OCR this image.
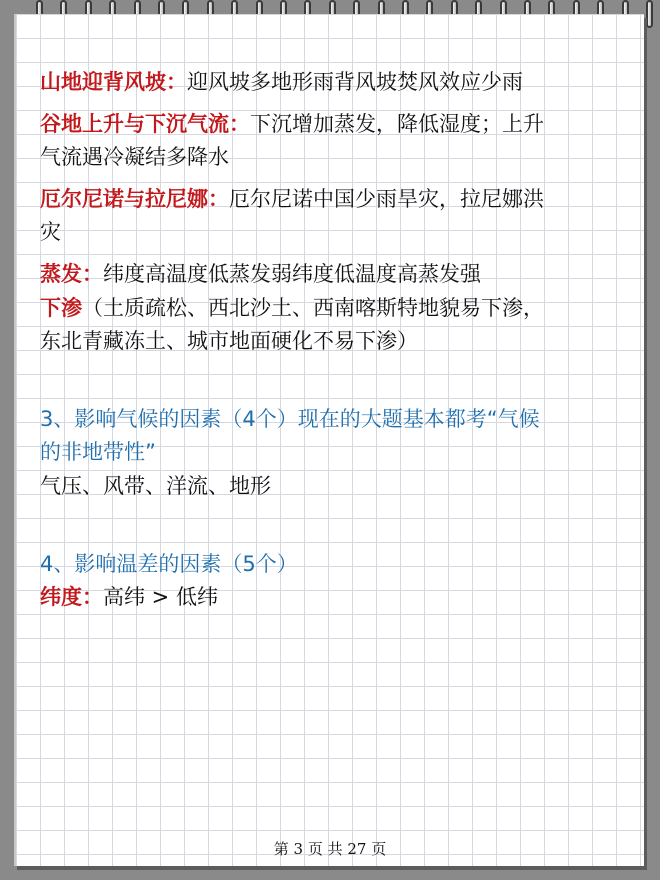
山地迎背风坡：迎风坡多地形雨背风坡焚风效应少雨

谷地上升与下沉气流：下沉增加蒸发，降低湿度；上升

气流遇冷凝结多降水

厄尔尼诺与拉尼娜：厄尔尼诺中国少雨旱灾，拉尼娜洪

灾

蒸发：纬度高温度低蒸发弱纬度低温度高蒸发强

下渗（土质疏松、西北沙土、西南喀斯特地貌易下渗，

东北青藏冻土、城市地面硬化不易下渗）

3、影响气候的因素（4个）现在的大题基本都考“气候

的非地带性”

气压、风带、洋流、地形

4、影响温差的因素（5个）

纬度：高纬 > 低纬

第 3 页 共 27 页
